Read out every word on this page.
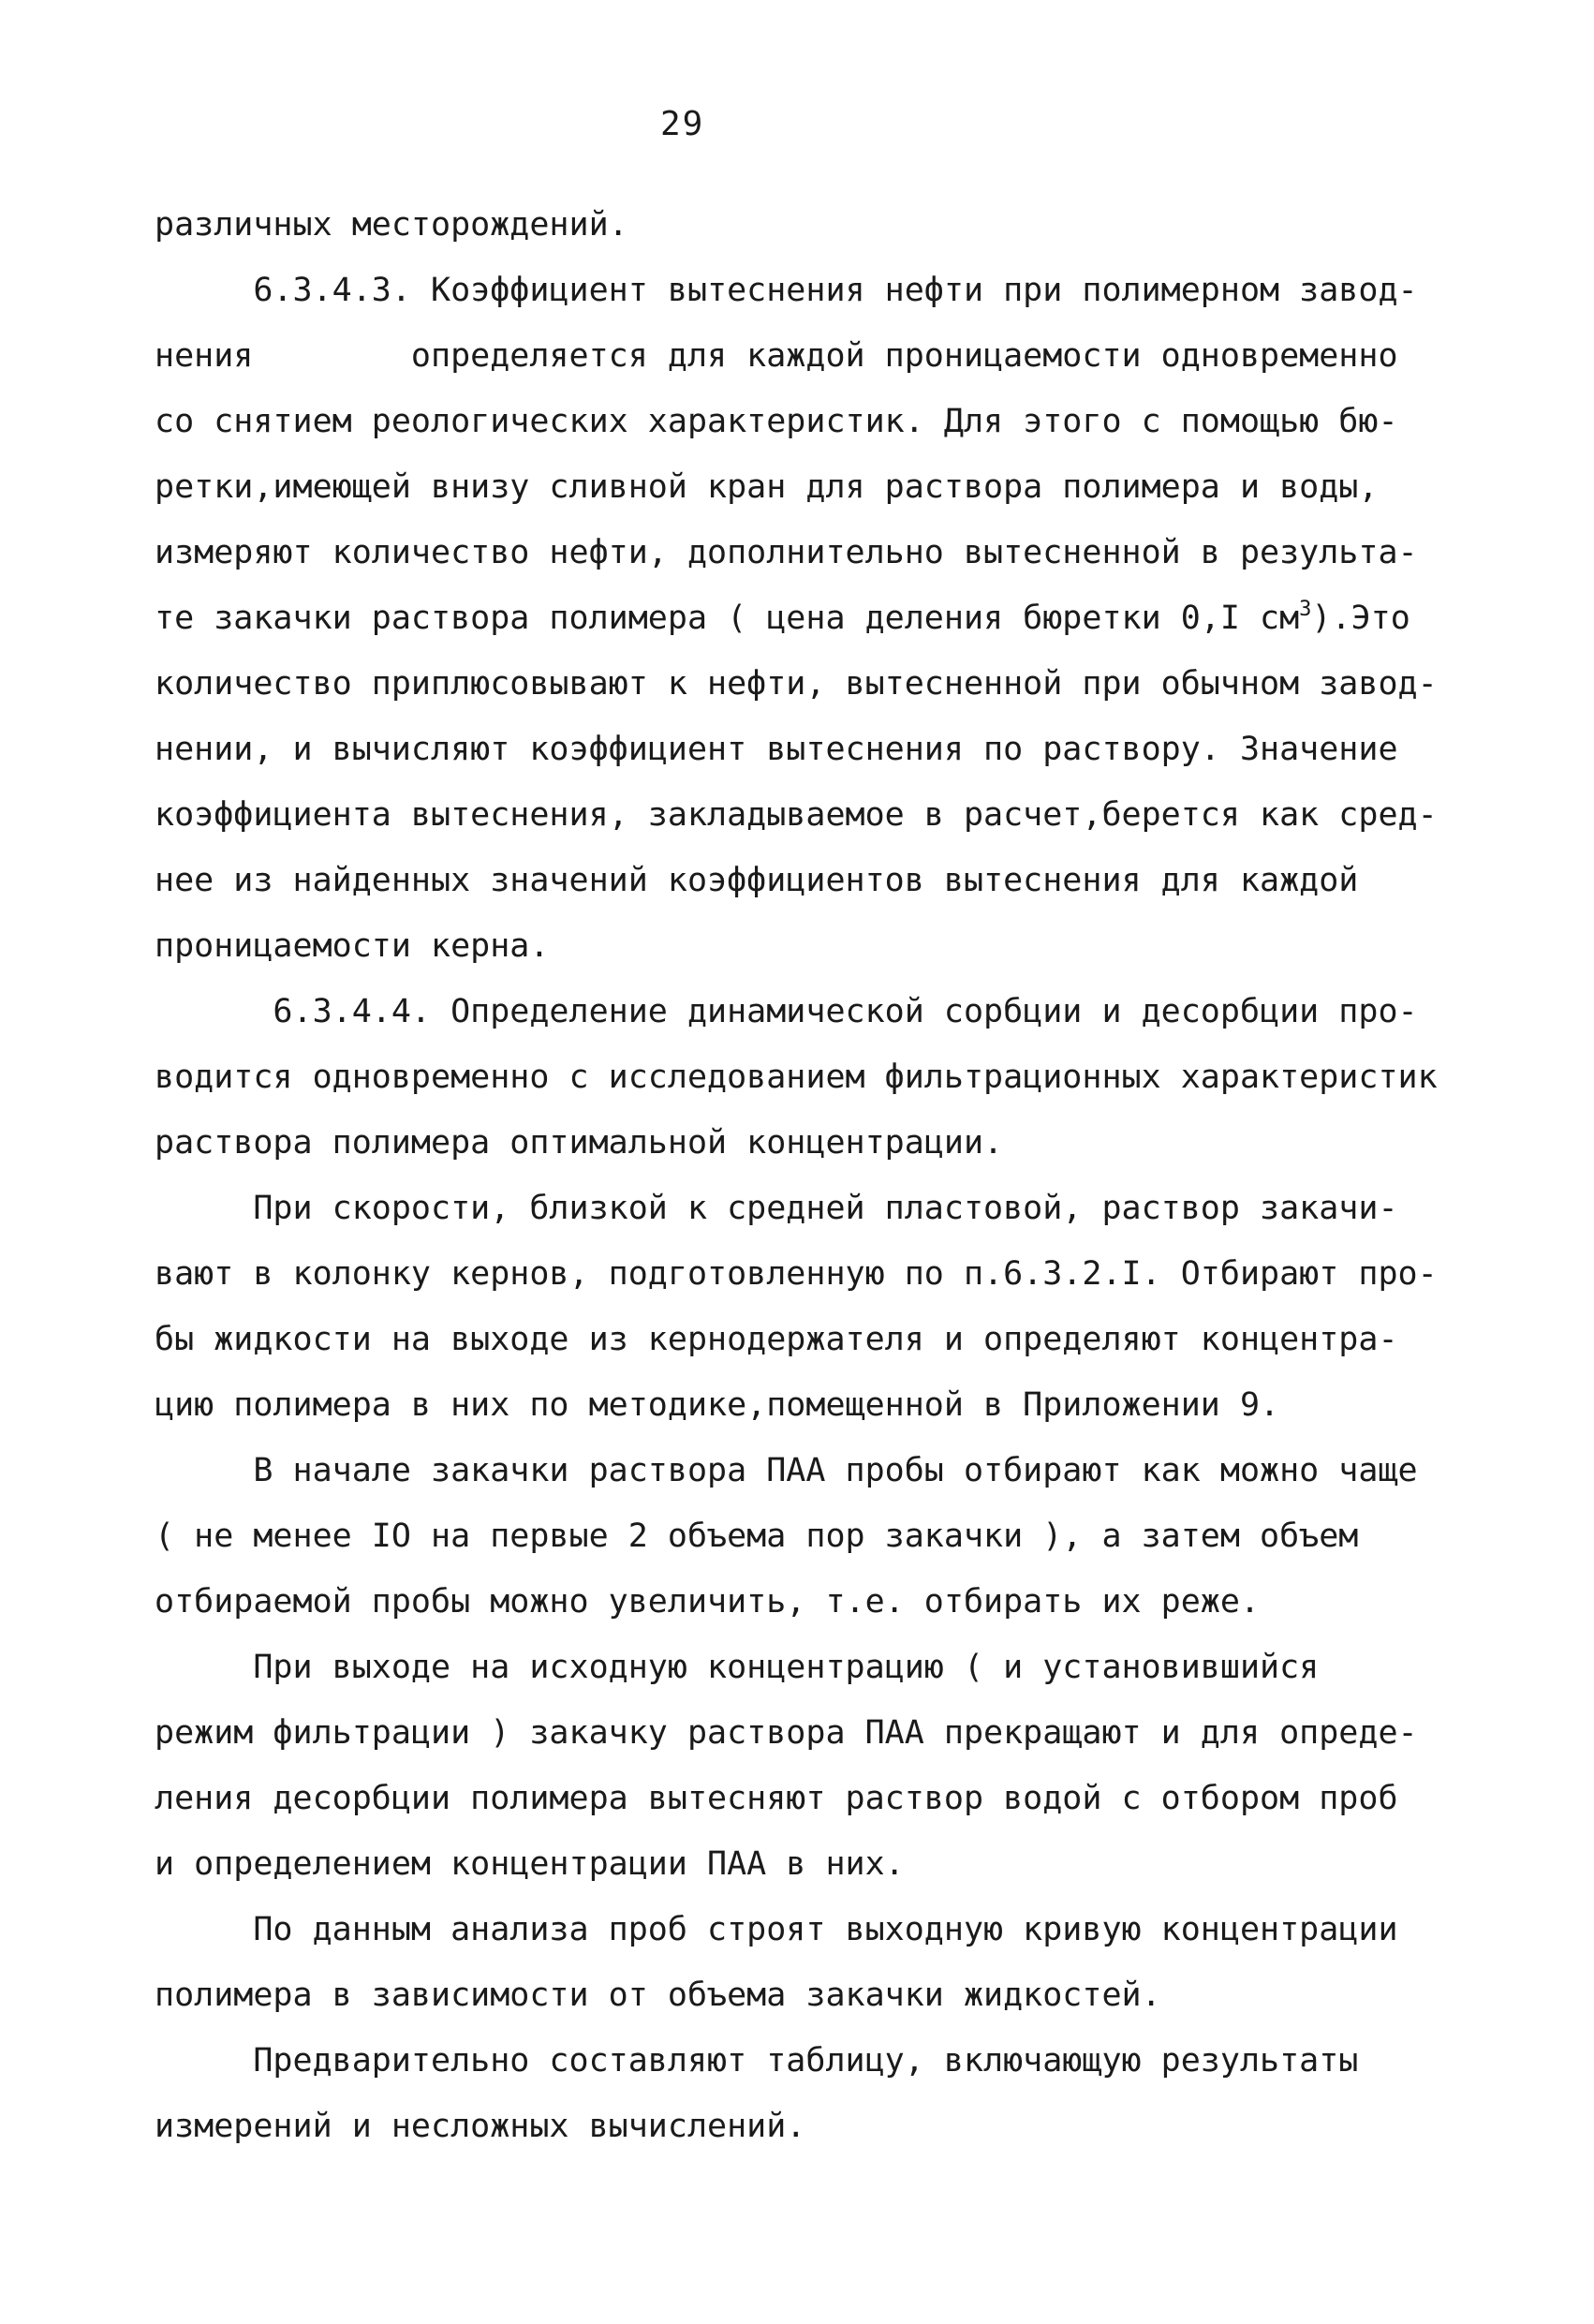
29
различных месторождений.
6.3.4.3. Коэффициент вытеснения нефти при полимерном завод-
нения        определяется для каждой проницаемости одновременно
со снятием реологических характеристик. Для этого с помощью бю-
ретки,имеющей внизу сливной кран для раствора полимера и воды,
измеряют количество нефти, дополнительно вытесненной в результа-
те закачки раствора полимера ( цена деления бюретки 0,I $см^3).Это$
количество приплюсовывают к нефти, вытесненной при обычном завод-
нении, и вычисляют коэффициент вытеснения по раствору. Значение
коэффициента вытеснения, закладываемое в расчет,берется как сред-
нее из найденных значений коэффициентов вытеснения для каждой
проницаемости керна.
6.3.4.4. Определение динамической сорбции и десорбции про-
водится одновременно с исследованием фильтрационных характеристик
раствора полимера оптимальной концентрации.
При скорости, близкой к средней пластовой, раствор закачи-
вают в колонку кернов, подготовленную по п.6.3.2.I. Отбирают про-
бы жидкости на выходе из кернодержателя и определяют концентра-
цию полимера в них по методике,помещенной в Приложении 9.
В начале закачки раствора ПАА пробы отбирают как можно чаще
( не менее IO на первые 2 объема пор закачки ), а затем объем
отбираемой пробы можно увеличить, т.е. отбирать их реже.
При выходе на исходную концентрацию ( и установившийся
режим фильтрации ) закачку раствора ПАА прекращают и для опреде-
ления десорбции полимера вытесняют раствор водой с отбором проб
и определением концентрации ПАА в них.
По данным анализа проб строят выходную кривую концентрации
полимера в зависимости от объема закачки жидкостей.
Предварительно составляют таблицу, включающую результаты
измерений и несложных вычислений.
